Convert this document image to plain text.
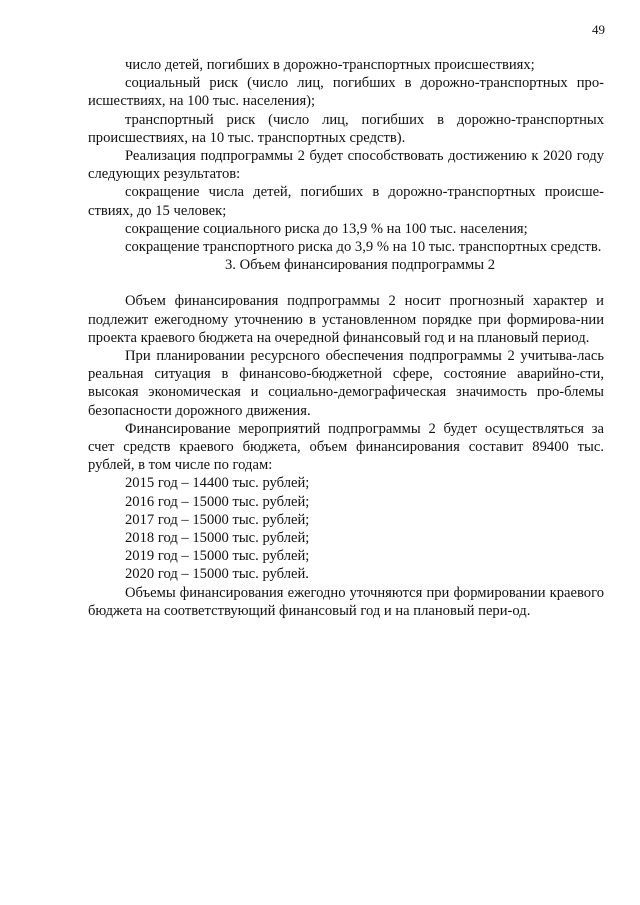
49

число детей, погибших в дорожно-транспортных происшествиях;

социальный риск (число лиц, погибших в дорожно-транспортных про-исшествиях, на 100 тыс. населения);

транспортный риск (число лиц, погибших в дорожно-транспортных происшествиях, на 10 тыс. транспортных средств).

Реализация подпрограммы 2 будет способствовать достижению к 2020 году следующих результатов:

сокращение числа детей, погибших в дорожно-транспортных происше-ствиях, до 15 человек;

сокращение социального риска до 13,9 % на 100 тыс. населения;

сокращение транспортного риска до 3,9 % на 10 тыс. транспортных средств.

3. Объем финансирования подпрограммы 2

Объем финансирования подпрограммы 2 носит прогнозный характер и подлежит ежегодному уточнению в установленном порядке при формирова-нии проекта краевого бюджета на очередной финансовый год и на плановый период.

При планировании ресурсного обеспечения подпрограммы 2 учитыва-лась реальная ситуация в финансово-бюджетной сфере, состояние аварийно-сти, высокая экономическая и социально-демографическая значимость про-блемы безопасности дорожного движения.

Финансирование мероприятий подпрограммы 2 будет осуществляться за счет средств краевого бюджета, объем финансирования составит 89400 тыс. рублей, в том числе по годам:

2015 год – 14400 тыс. рублей;

2016 год – 15000 тыс. рублей;

2017 год – 15000 тыс. рублей;

2018 год – 15000 тыс. рублей;

2019 год – 15000 тыс. рублей;

2020 год – 15000 тыс. рублей.

Объемы финансирования ежегодно уточняются при формировании краевого бюджета на соответствующий финансовый год и на плановый пери-од.
